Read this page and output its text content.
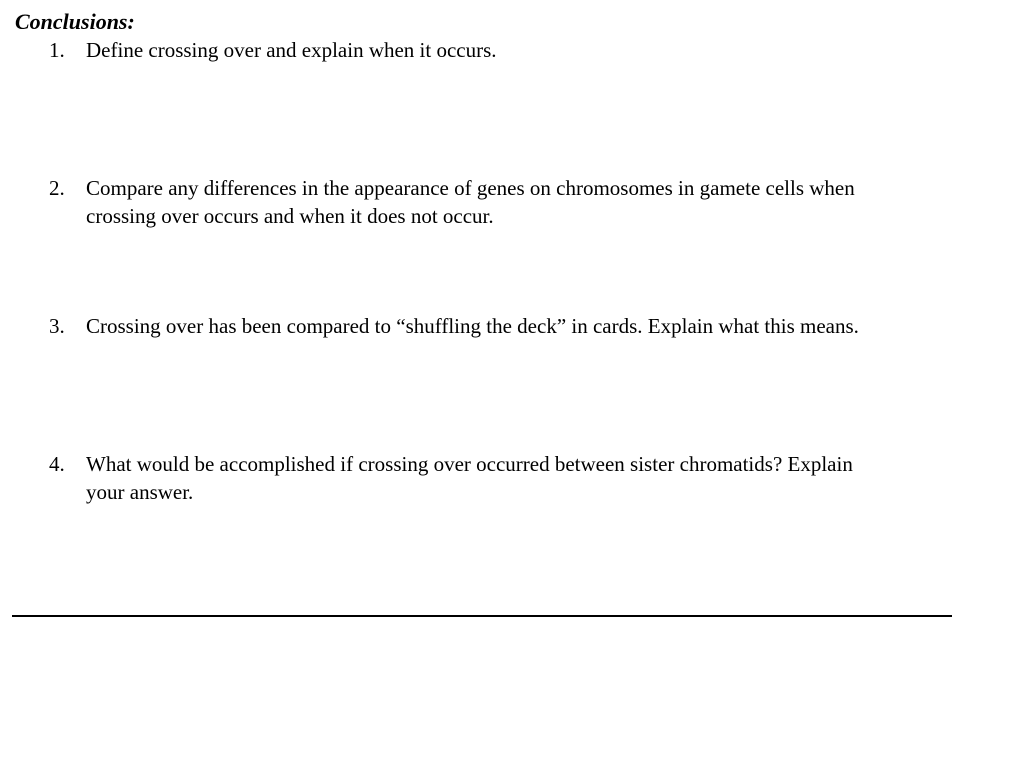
Conclusions:
1.	Define crossing over and explain when it occurs.
2.	Compare any differences in the appearance of genes on chromosomes in gamete cells when crossing over occurs and when it does not occur.
3.	Crossing over has been compared to “shuffling the deck” in cards. Explain what this means.
4.	What would be accomplished if crossing over occurred between sister chromatids? Explain your answer.
